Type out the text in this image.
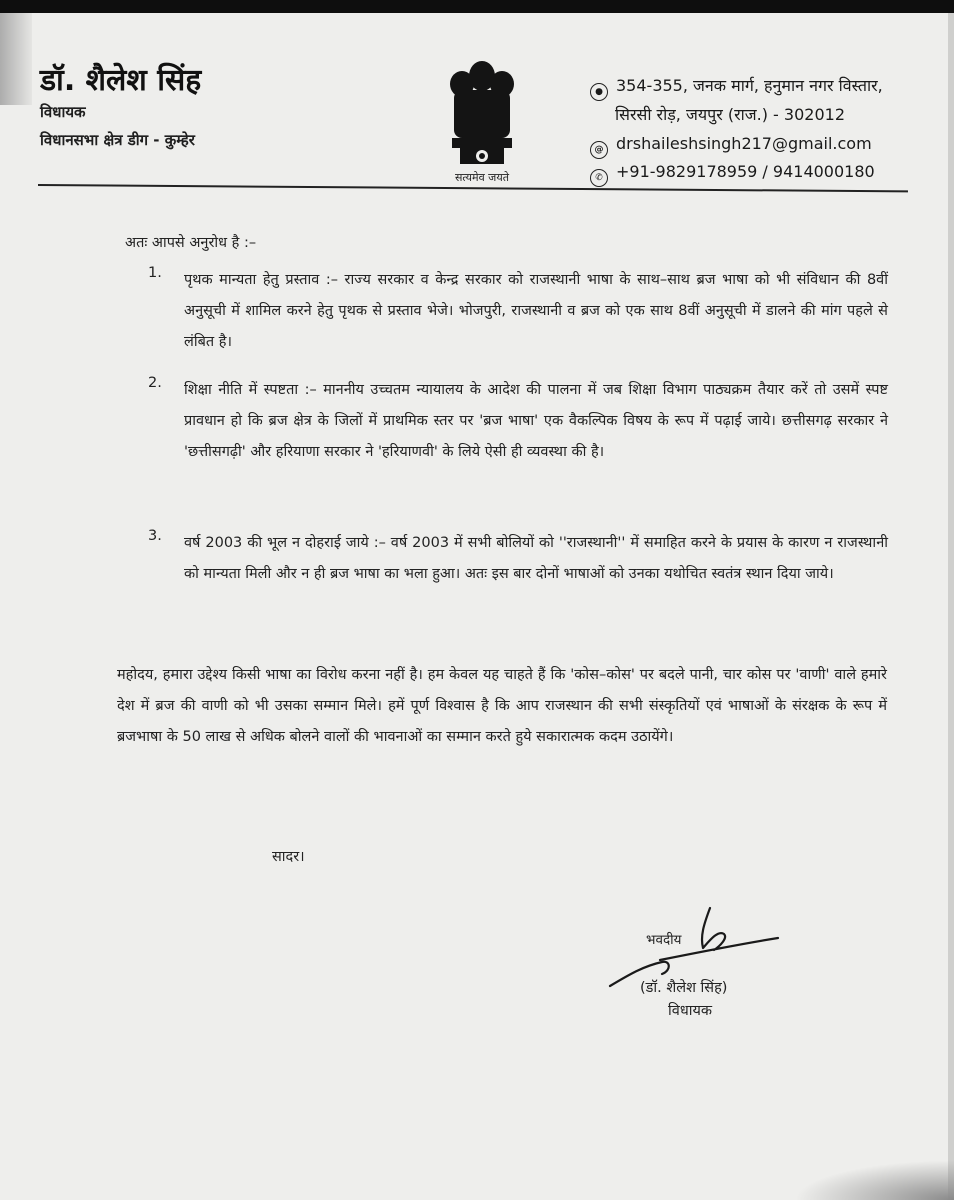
डॉ. शैलेश सिंह
विधायक
विधानसभा क्षेत्र डीग - कुम्हेर
सत्यमेव जयते
● 354-355, जनक मार्ग, हनुमान नगर विस्तार,
सिरसी रोड़, जयपुर (राज.) - 302012
@ drshaileshsingh217@gmail.com
✆ +91-9829178959 / 9414000180
अतः आपसे अनुरोध है :–
1. पृथक मान्यता हेतु प्रस्ताव :– राज्य सरकार व केन्द्र सरकार को राजस्थानी भाषा के साथ–साथ ब्रज भाषा को भी संविधान की 8वीं अनुसूची में शामिल करने हेतु पृथक से प्रस्ताव भेजे। भोजपुरी, राजस्थानी व ब्रज को एक साथ 8वीं अनुसूची में डालने की मांग पहले से लंबित है।
2. शिक्षा नीति में स्पष्टता :– माननीय उच्चतम न्यायालय के आदेश की पालना में जब शिक्षा विभाग पाठ्यक्रम तैयार करें तो उसमें स्पष्ट प्रावधान हो कि ब्रज क्षेत्र के जिलों में प्राथमिक स्तर पर 'ब्रज भाषा' एक वैकल्पिक विषय के रूप में पढ़ाई जाये। छत्तीसगढ़ सरकार ने 'छत्तीसगढ़ी' और हरियाणा सरकार ने 'हरियाणवी' के लिये ऐसी ही व्यवस्था की है।
3. वर्ष 2003 की भूल न दोहराई जाये :– वर्ष 2003 में सभी बोलियों को ''राजस्थानी'' में समाहित करने के प्रयास के कारण न राजस्थानी को मान्यता मिली और न ही ब्रज भाषा का भला हुआ। अतः इस बार दोनों भाषाओं को उनका यथोचित स्वतंत्र स्थान दिया जाये।
महोदय, हमारा उद्देश्य किसी भाषा का विरोध करना नहीं है। हम केवल यह चाहते हैं कि 'कोस–कोस' पर बदले पानी, चार कोस पर 'वाणी' वाले हमारे देश में ब्रज की वाणी को भी उसका सम्मान मिले। हमें पूर्ण विश्वास है कि आप राजस्थान की सभी संस्कृतियों एवं भाषाओं के संरक्षक के रूप में ब्रजभाषा के 50 लाख से अधिक बोलने वालों की भावनाओं का सम्मान करते हुये सकारात्मक कदम उठायेंगे।
सादर।
भवदीय
(डॉ. शैलेश सिंह)
विधायक
